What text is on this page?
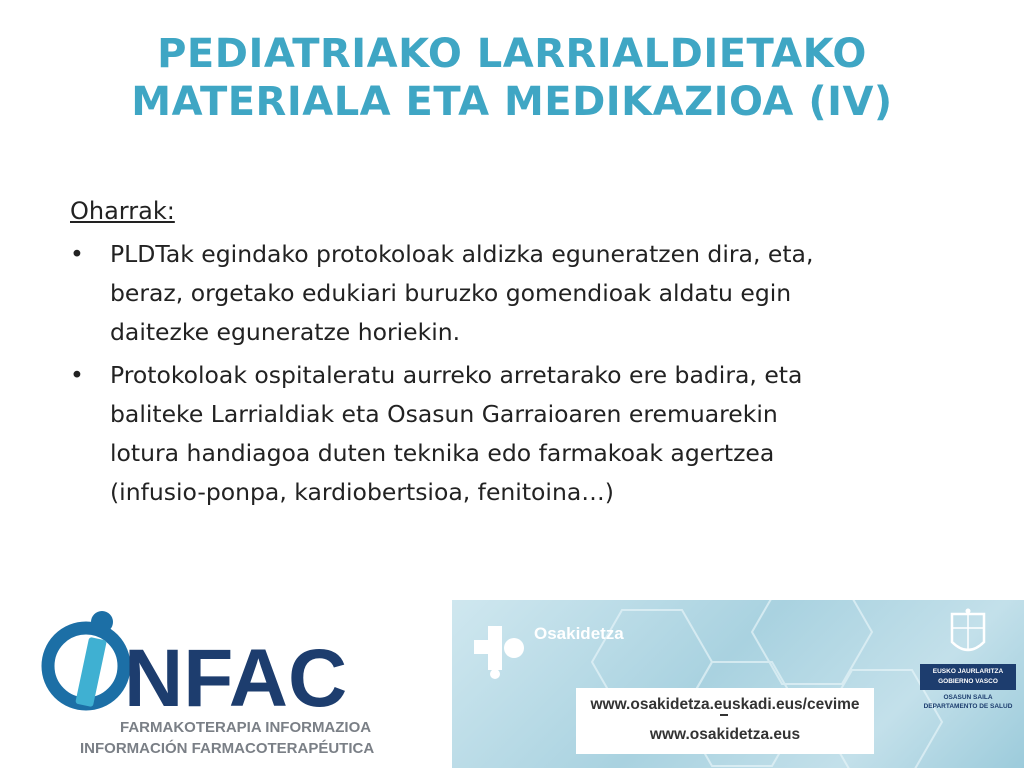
PEDIATRIAKO LARRIALDIETAKO
MATERIALA ETA MEDIKAZIOA (IV)
Oharrak:
• PLDTak egindako protokoloak aldizka eguneratzen dira, eta,
beraz, orgetako edukiari buruzko gomendioak aldatu egin
daitezke eguneratze horiekin.
• Protokoloak ospitaleratu aurreko arretarako ere badira, eta
baliteke Larrialdiak eta Osasun Garraioaren eremuarekin
lotura handiagoa duten teknika edo farmakoak agertzea
(infusio-ponpa, kardiobertsioa, fenitoina…)
NFAC
FARMAKOTERAPIA INFORMAZIOA
INFORMACIÓN FARMACOTERAPÉUTICA
Osakidetza
www.osakidetza.euskadi.eus/cevime
www.osakidetza.eus
EUSKO JAURLARITZA
GOBIERNO VASCO
OSASUN SAILA
DEPARTAMENTO DE SALUD
